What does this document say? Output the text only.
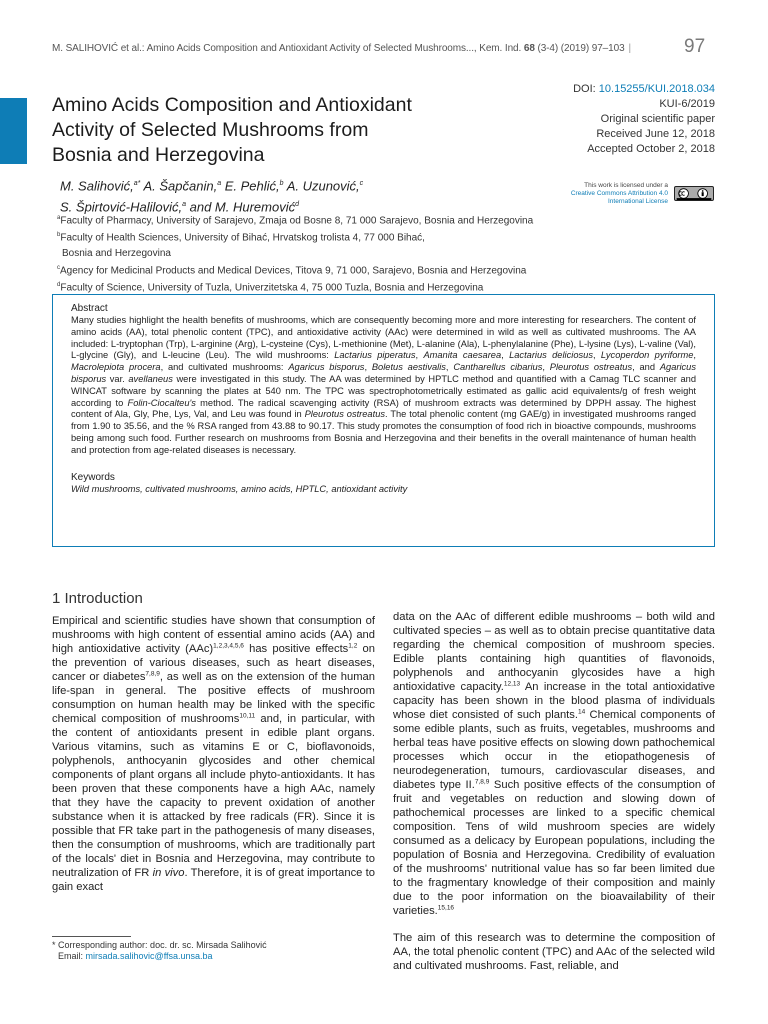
M. SALIHOVIĆ et al.: Amino Acids Composition and Antioxidant Activity of Selected Mushrooms..., Kem. Ind. 68 (3-4) (2019) 97–103 |	97
Amino Acids Composition and Antioxidant
Activity of Selected Mushrooms from
Bosnia and Herzegovina
DOI: 10.15255/KUI.2018.034
KUI-6/2019
Original scientific paper
Received June 12, 2018
Accepted October 2, 2018
This work is licensed under a
Creative Commons Attribution 4.0
International License
M. Salihović,$^{a*}$ A. Šapčanin,$^a$ E. Pehlić,$^b$ A. Uzunović,$^c$
S. Špirtović-Halilović,$^a$ and M. Huremović$^d$
$^a$Faculty of Pharmacy, University of Sarajevo, Zmaja od Bosne 8, 71 000 Sarajevo, Bosnia and Herzegovina
$^b$Faculty of Health Sciences, University of Bihać, Hrvatskog trolista 4, 77 000 Bihać,
Bosnia and Herzegovina
$^c$Agency for Medicinal Products and Medical Devices, Titova 9, 71 000, Sarajevo, Bosnia and Herzegovina
$^d$Faculty of Science, University of Tuzla, Univerzitetska 4, 75 000 Tuzla, Bosnia and Herzegovina
Abstract

Many studies highlight the health benefits of mushrooms, which are consequently becoming more and more interesting for researchers. The content of amino acids (AA), total phenolic content (TPC), and antioxidative activity (AAc) were determined in wild as well as cultivated mushrooms. The AA included: L-tryptophan (Trp), L-arginine (Arg), L-cysteine (Cys), L-methionine (Met), L-alanine (Ala), L-phenylalanine (Phe), L-lysine (Lys), L-valine (Val), L-glycine (Gly), and L-leucine (Leu). The wild mushrooms: Lactarius piperatus, Amanita caesarea, Lactarius deliciosus, Lycoperdon pyriforme, Macrolepiota procera, and cultivated mushrooms: Agaricus bisporus, Boletus aestivalis, Cantharellus cibarius, Pleurotus ostreatus, and Agaricus bisporus var. avellaneus were investigated in this study. The AA was determined by HPTLC method and quantified with a Camag TLC scanner and WINCAT software by scanning the plates at 540 nm. The TPC was spectrophotometrically estimated as gallic acid equivalents/g of fresh weight according to Folin-Ciocalteu's method. The radical scavenging activity (RSA) of mushroom extracts was determined by DPPH assay. The highest content of Ala, Gly, Phe, Lys, Val, and Leu was found in Pleurotus ostreatus. The total phenolic content (mg GAE/g) in investigated mushrooms ranged from 1.90 to 35.56, and the % RSA ranged from 43.88 to 90.17. This study promotes the consumption of food rich in bioactive compounds, mushrooms being among such food. Further research on mushrooms from Bosnia and Herzegovina and their benefits in the overall maintenance of human health and protection from age-related diseases is necessary.

Keywords

Wild mushrooms, cultivated mushrooms, amino acids, HPTLC, antioxidant activity

1 Introduction

Empirical and scientific studies have shown that consumption of mushrooms with high content of essential amino acids (AA) and high antioxidative activity (AAc)$^{1,2,3,4,5,6}$ has positive effects$^{1,2}$ on the prevention of various diseases, such as heart diseases, cancer or diabetes$^{7,8,9}$, as well as on the extension of the human life-span in general. The positive effects of mushroom consumption on human health may be linked with the specific chemical composition of mushrooms$^{10,11}$ and, in particular, with the content of antioxidants present in edible plant organs. Various vitamins, such as vitamins E or C, bioflavonoids, polyphenols, anthocyanin glycosides and other chemical components of plant organs all include phyto-antioxidants. It has been proven that these components have a high AAc, namely that they have the capacity to prevent oxidation of another substance when it is attacked by free radicals (FR). Since it is possible that FR take part in the pathogenesis of many diseases, then the consumption of mushrooms, which are traditionally part of the locals' diet in Bosnia and Herzegovina, may contribute to neutralization of FR in vivo. Therefore, it is of great importance to gain exact

data on the AAc of different edible mushrooms – both wild and cultivated species – as well as to obtain precise quantitative data regarding the chemical composition of mushroom species. Edible plants containing high quantities of flavonoids, polyphenols and anthocyanin glycosides have a high antioxidative capacity.$^{12,13}$ An increase in the total antioxidative capacity has been shown in the blood plasma of individuals whose diet consisted of such plants.$^{14}$ Chemical components of some edible plants, such as fruits, vegetables, mushrooms and herbal teas have positive effects on slowing down pathochemical processes which occur in the etiopathogenesis of neurodegeneration, tumours, cardiovascular diseases, and diabetes type II.$^{7,8,9}$ Such positive effects of the consumption of fruit and vegetables on reduction and slowing down of pathochemical processes are linked to a specific chemical composition. Tens of wild mushroom species are widely consumed as a delicacy by European populations, including the population of Bosnia and Herzegovina. Credibility of evaluation of the mushrooms' nutritional value has so far been limited due to the fragmentary knowledge of their composition and mainly due to the poor information on the bioavailability of their varieties.$^{15,16}$

The aim of this research was to determine the composition of AA, the total phenolic content (TPC) and AAc of the selected wild and cultivated mushrooms. Fast, reliable, and

* Corresponding author: doc. dr. sc. Mirsada Salihović
Email: mirsada.salihovic@ffsa.unsa.ba
